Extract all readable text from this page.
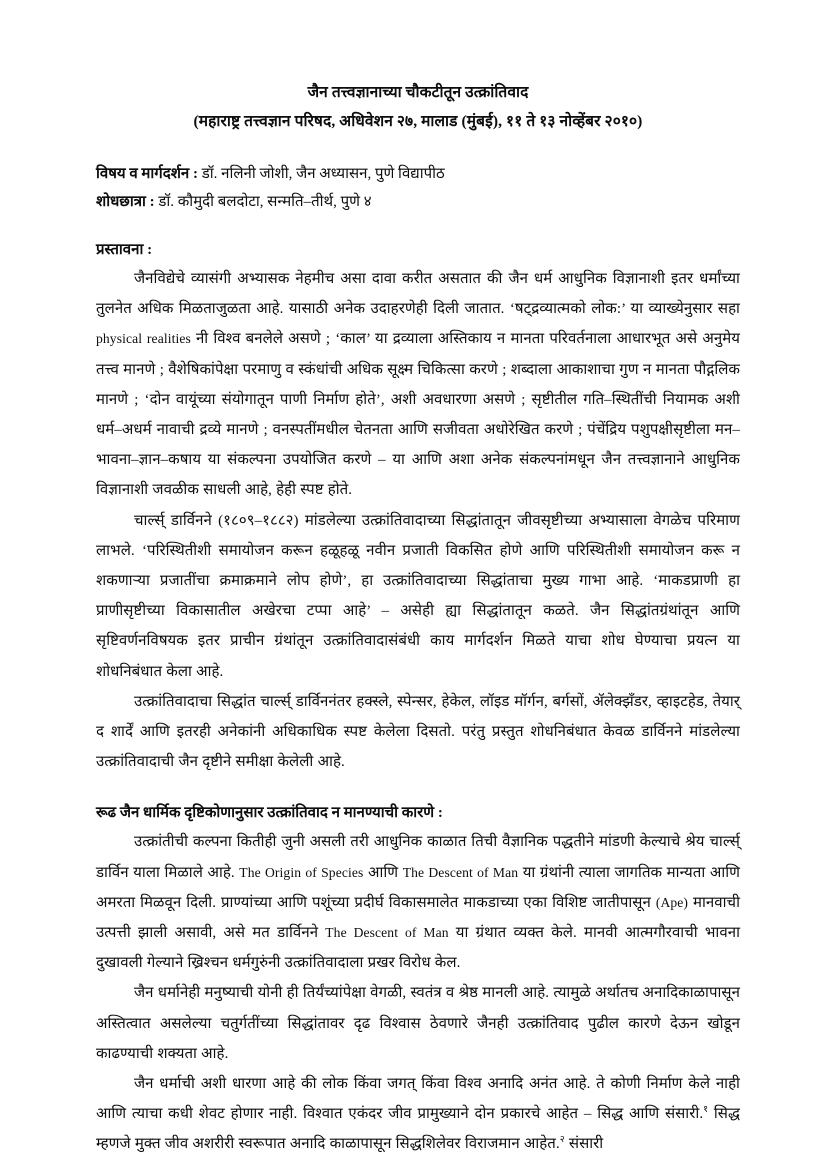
जैन तत्त्वज्ञानाच्या चौकटीतून उत्क्रांतिवाद
(महाराष्ट्र तत्त्वज्ञान परिषद, अधिवेशन २७, मालाड (मुंबई), ११ ते १३ नोव्हेंबर २०१०)
विषय व मार्गदर्शन : डॉ. नलिनी जोशी, जैन अध्यासन, पुणे विद्यापीठ
शोधछात्रा : डॉ. कौमुदी बलदोटा, सन्मति–तीर्थ, पुणे ४
प्रस्तावना :

जैनविद्येचे व्यासंगी अभ्यासक नेहमीच असा दावा करीत असतात की जैन धर्म आधुनिक विज्ञानाशी इतर धर्मांच्या तुलनेत अधिक मिळताजुळता आहे. यासाठी अनेक उदाहरणेही दिली जातात. ‘षट्‌द्रव्यात्मको लोक:’ या व्याख्येनुसार सहा physical realities नी विश्व बनलेले असणे ; ‘काल’ या द्रव्याला अस्तिकाय न मानता परिवर्तनाला आधारभूत असे अनुमेय तत्त्व मानणे ; वैशेषिकांपेक्षा परमाणु व स्कंधांची अधिक सूक्ष्म चिकित्सा करणे ; शब्दाला आकाशाचा गुण न मानता पौद्गलिक मानणे ; ‘दोन वायूंच्या संयोगातून पाणी निर्माण होते’, अशी अवधारणा असणे ; सृष्टीतील गति–स्थितींची नियामक अशी धर्म–अधर्म नावाची द्रव्ये मानणे ; वनस्पतींमधील चेतनता आणि सजीवता अधोरेखित करणे ; पंचेंद्रिय पशुपक्षीसृष्टीला मन–भावना–ज्ञान–कषाय या संकल्पना उपयोजित करणे – या आणि अशा अनेक संकल्पनांमधून जैन तत्त्वज्ञानाने आधुनिक विज्ञानाशी जवळीक साधली आहे, हेही स्पष्ट होते.

चार्ल्स् डार्विनने (१८०९–१८८२) मांडलेल्या उत्क्रांतिवादाच्या सिद्धांतातून जीवसृष्टीच्या अभ्यासाला वेगळेच परिमाण लाभले. ‘परिस्थितीशी समायोजन करून हळूहळू नवीन प्रजाती विकसित होणे आणि परिस्थितीशी समायोजन करू न शकणाऱ्या प्रजातींचा क्रमाक्रमाने लोप होणे’, हा उत्क्रांतिवादाच्या सिद्धांताचा मुख्य गाभा आहे. ‘माकडप्राणी हा प्राणीसृष्टीच्या विकासातील अखेरचा टप्पा आहे’ – असेही ह्या सिद्धांतातून कळते. जैन सिद्धांतग्रंथांतून आणि सृष्टिवर्णनविषयक इतर प्राचीन ग्रंथांतून उत्क्रांतिवादासंबंधी काय मार्गदर्शन मिळते याचा शोध घेण्याचा प्रयत्न या शोधनिबंधात केला आहे.

उत्क्रांतिवादाचा सिद्धांत चार्ल्स् डार्विननंतर हक्स्ले, स्पेन्सर, हेकेल, लॉइड मॉर्गन, बर्गसों, ॲलेक्झँडर, व्हाइटहेड, तेयार् द शार्दें आणि इतरही अनेकांनी अधिकाधिक स्पष्ट केलेला दिसतो. परंतु प्रस्तुत शोधनिबंधात केवळ डार्विनने मांडलेल्या उत्क्रांतिवादाची जैन दृष्टीने समीक्षा केलेली आहे.

रूढ जैन धार्मिक दृष्टिकोणानुसार उत्क्रांतिवाद न मानण्याची कारणे :

उत्क्रांतीची कल्पना कितीही जुनी असली तरी आधुनिक काळात तिची वैज्ञानिक पद्धतीने मांडणी केल्याचे श्रेय चार्ल्स् डार्विन याला मिळाले आहे. The Origin of Species आणि The Descent of Man या ग्रंथांनी त्याला जागतिक मान्यता आणि अमरता मिळवून दिली. प्राण्यांच्या आणि पशूंच्या प्रदीर्घ विकासमालेत माकडाच्या एका विशिष्ट जातीपासून (Ape) मानवाची उत्पत्ती झाली असावी, असे मत डार्विनने The Descent of Man या ग्रंथात व्यक्त केले. मानवी आत्मगौरवाची भावना दुखावली गेल्याने ख्रिश्चन धर्मगुरुंनी उत्क्रांतिवादाला प्रखर विरोध केल.

जैन धर्मानेही मनुष्याची योनी ही तिर्यंच्यांपेक्षा वेगळी, स्वतंत्र व श्रेष्ठ मानली आहे. त्यामुळे अर्थातच अनादिकाळापासून अस्तित्वात असलेल्या चतुर्गतींच्या सिद्धांतावर दृढ विश्वास ठेवणारे जैनही उत्क्रांतिवाद पुढील कारणे देऊन खोडून काढण्याची शक्यता आहे.

जैन धर्माची अशी धारणा आहे की लोक किंवा जगत् किंवा विश्व अनादि अनंत आहे. ते कोणी निर्माण केले नाही आणि त्याचा कधी शेवट होणार नाही. विश्वात एकंदर जीव प्रामुख्याने दोन प्रकारचे आहेत – सिद्ध आणि संसारी.$^१$ सिद्ध म्हणजे मुक्त जीव अशरीरी स्वरूपात अनादि काळापासून सिद्धशिलेवर विराजमान आहेत.$^२$ संसारी
